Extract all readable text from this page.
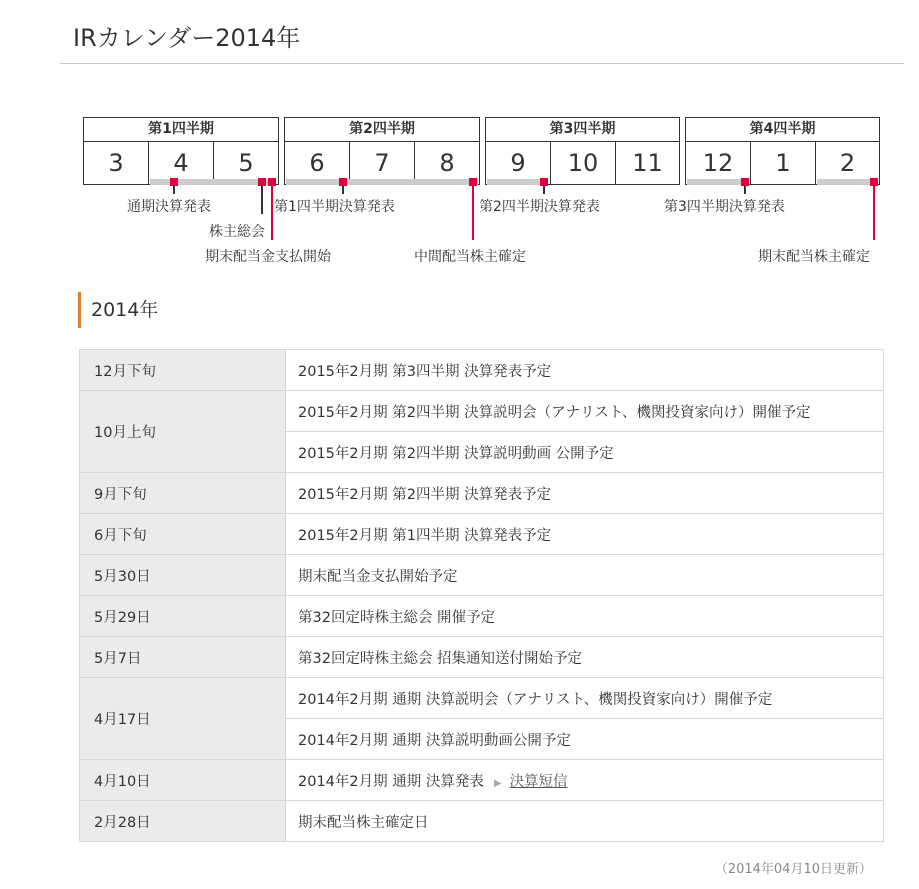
IRカレンダー2014年
第1四半期
3	4	5
第2四半期
6	7	8
第3四半期
9	10	11
第4四半期
12	1	2
通期決算発表
株主総会
期末配当金支払開始
第1四半期決算発表
中間配当株主確定
第2四半期決算発表	第3四半期決算発表
期末配当株主確定
2014年
12月下旬	2015年2月期 第3四半期 決算発表予定
10月上旬	2015年2月期 第2四半期 決算説明会（アナリスト、機関投資家向け）開催予定
	2015年2月期 第2四半期 決算説明動画 公開予定
9月下旬	2015年2月期 第2四半期 決算発表予定
6月下旬	2015年2月期 第1四半期 決算発表予定
5月30日	期末配当金支払開始予定
5月29日	第32回定時株主総会 開催予定
5月7日	第32回定時株主総会 招集通知送付開始予定
4月17日	2014年2月期 通期 決算説明会（アナリスト、機関投資家向け）開催予定
	2014年2月期 通期 決算説明動画公開予定
4月10日	2014年2月期 通期 決算発表 ▶ 決算短信
2月28日	期末配当株主確定日
（2014年04月10日更新）
